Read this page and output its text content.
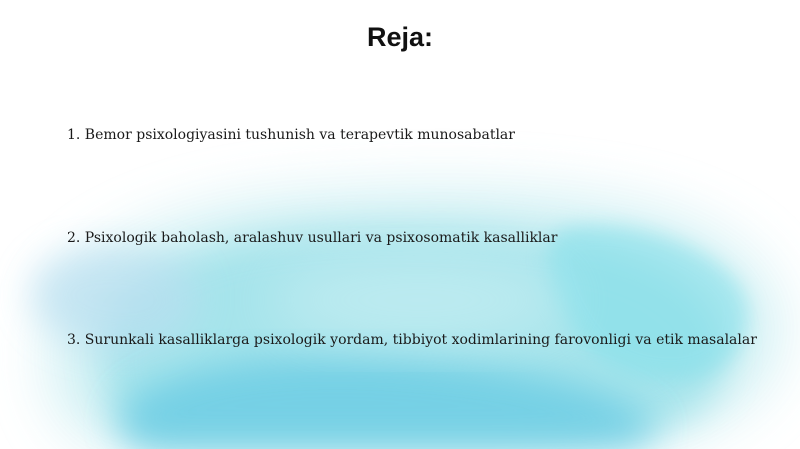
Reja:

1. Bemor psixologiyasini tushunish va terapevtik munosabatlar

2. Psixologik baholash, aralashuv usullari va psixosomatik kasalliklar

3. Surunkali kasalliklarga psixologik yordam, tibbiyot xodimlarining farovonligi va etik masalalar
